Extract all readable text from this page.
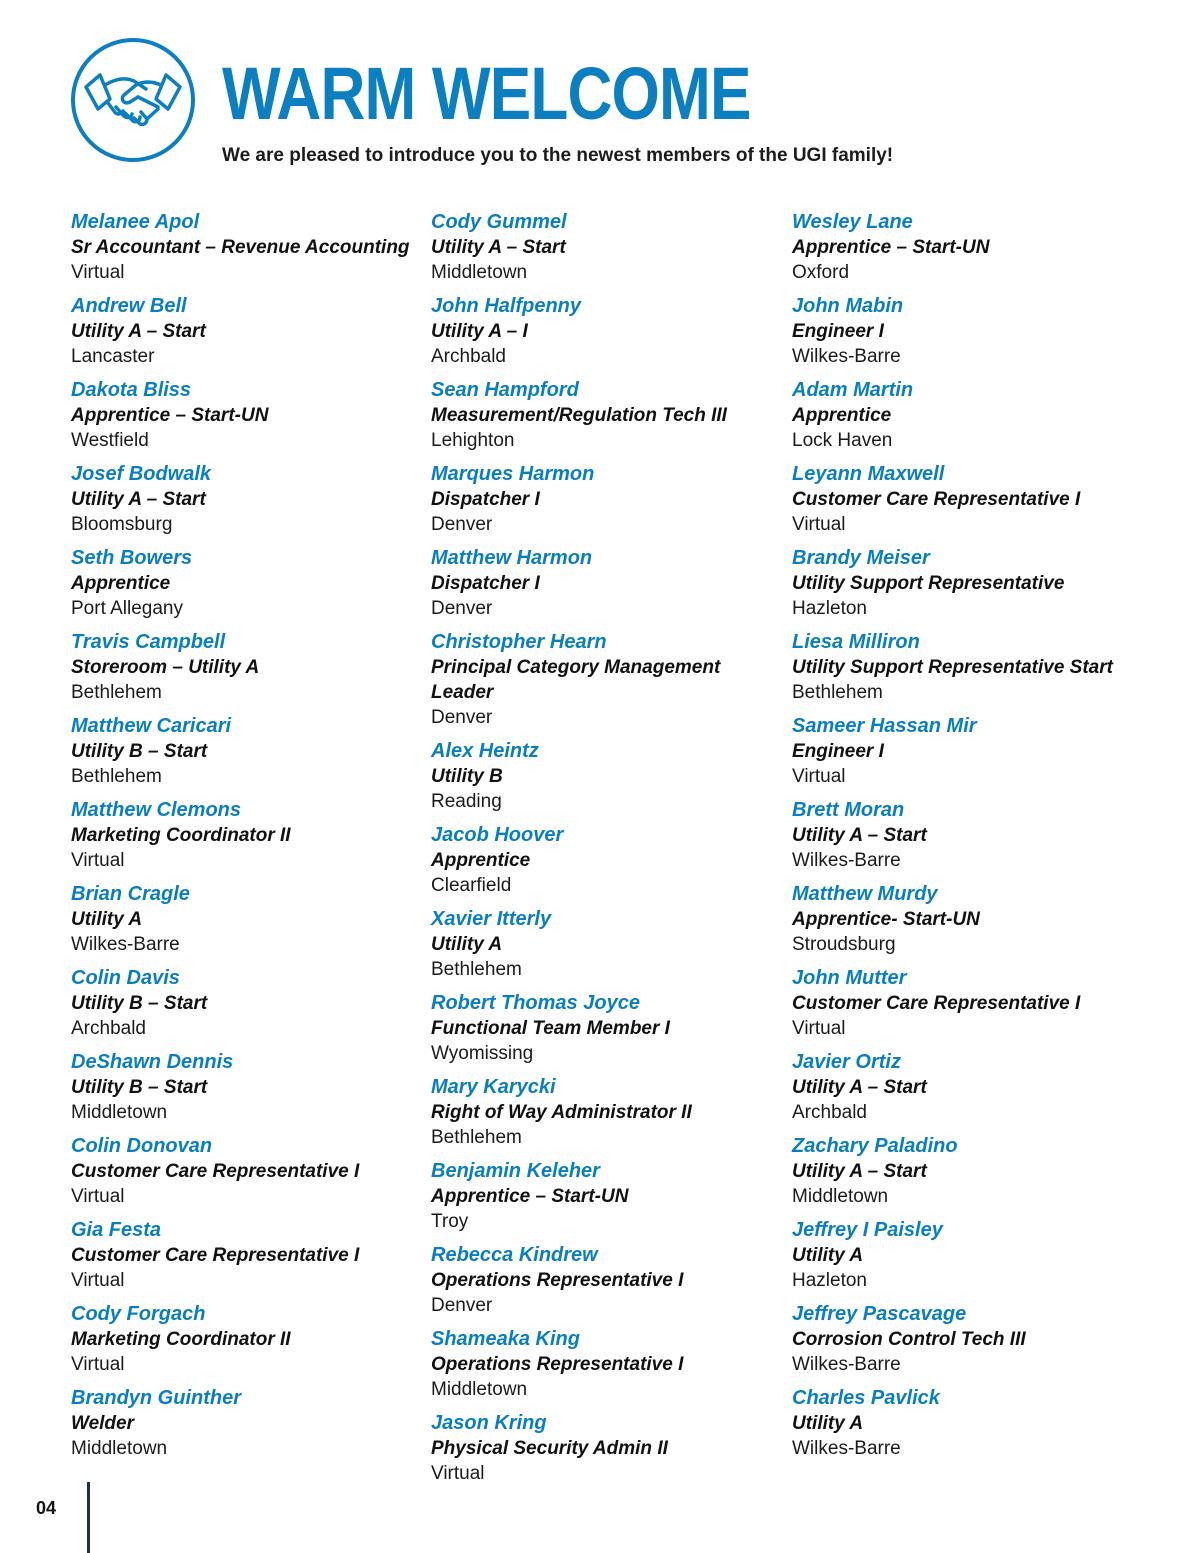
WARM WELCOME

We are pleased to introduce you to the newest members of the UGI family!

Melanee Apol
Sr Accountant – Revenue Accounting
Virtual
Andrew Bell
Utility A – Start
Lancaster
Dakota Bliss
Apprentice – Start-UN
Westfield
Josef Bodwalk
Utility A – Start
Bloomsburg
Seth Bowers
Apprentice
Port Allegany
Travis Campbell
Storeroom – Utility A
Bethlehem
Matthew Caricari
Utility B – Start
Bethlehem
Matthew Clemons
Marketing Coordinator II
Virtual
Brian Cragle
Utility A
Wilkes-Barre
Colin Davis
Utility B – Start
Archbald
DeShawn Dennis
Utility B – Start
Middletown
Colin Donovan
Customer Care Representative I
Virtual
Gia Festa
Customer Care Representative I
Virtual
Cody Forgach
Marketing Coordinator II
Virtual
Brandyn Guinther
Welder
Middletown
Cody Gummel
Utility A – Start
Middletown
John Halfpenny
Utility A – I
Archbald
Sean Hampford
Measurement/Regulation Tech III
Lehighton
Marques Harmon
Dispatcher I
Denver
Matthew Harmon
Dispatcher I
Denver
Christopher Hearn
Principal Category Management Leader
Denver
Alex Heintz
Utility B
Reading
Jacob Hoover
Apprentice
Clearfield
Xavier Itterly
Utility A
Bethlehem
Robert Thomas Joyce
Functional Team Member I
Wyomissing
Mary Karycki
Right of Way Administrator II
Bethlehem
Benjamin Keleher
Apprentice – Start-UN
Troy
Rebecca Kindrew
Operations Representative I
Denver
Shameaka King
Operations Representative I
Middletown
Jason Kring
Physical Security Admin II
Virtual
Wesley Lane
Apprentice – Start-UN
Oxford
John Mabin
Engineer I
Wilkes-Barre
Adam Martin
Apprentice
Lock Haven
Leyann Maxwell
Customer Care Representative I
Virtual
Brandy Meiser
Utility Support Representative
Hazleton
Liesa Milliron
Utility Support Representative Start
Bethlehem
Sameer Hassan Mir
Engineer I
Virtual
Brett Moran
Utility A – Start
Wilkes-Barre
Matthew Murdy
Apprentice- Start-UN
Stroudsburg
John Mutter
Customer Care Representative I
Virtual
Javier Ortiz
Utility A – Start
Archbald
Zachary Paladino
Utility A – Start
Middletown
Jeffrey I Paisley
Utility A
Hazleton
Jeffrey Pascavage
Corrosion Control Tech III
Wilkes-Barre
Charles Pavlick
Utility A
Wilkes-Barre

04
